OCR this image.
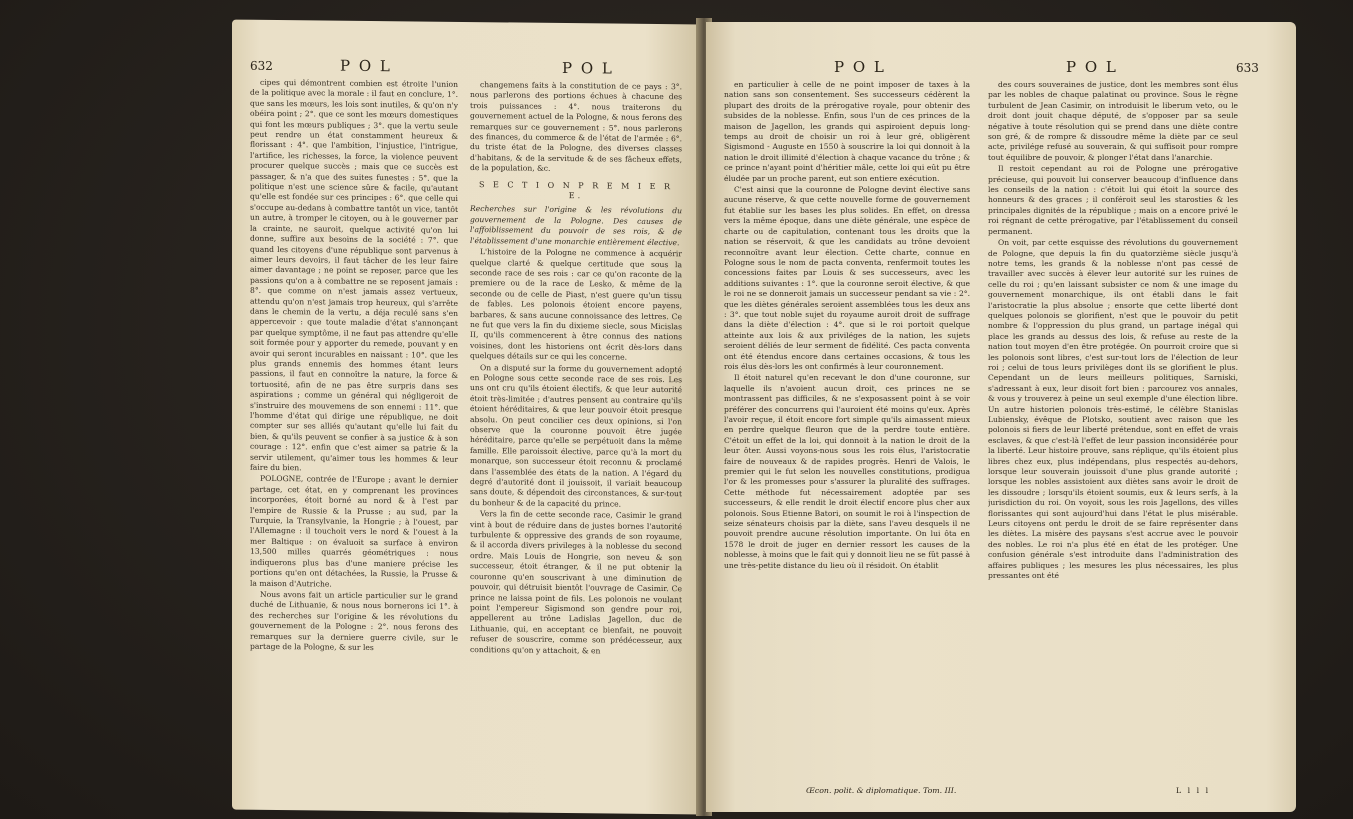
632	P O L	P O L

cipes qui démontrent combien est étroite l'union de la politique avec la morale : il faut en conclure, 1°. que sans les mœurs, les lois sont inutiles, & qu'on n'y obéira point ; 2°. que ce sont les mœurs domestiques qui font les mœurs publiques ; 3°. que la vertu seule peut rendre un état constamment heureux & florissant : 4°. que l'ambition, l'injustice, l'intrigue, l'artifice, les richesses, la force, la violence peuvent procurer quelque succès ; mais que ce succès est passager, & n'a que des suites funestes : 5°. que la politique n'est une science sûre & facile, qu'autant qu'elle est fondée sur ces principes : 6°. que celle qui s'occupe au-dedans à combattre tantôt un vice, tantôt un autre, à tromper le citoyen, ou à le gouverner par la crainte, ne sauroit, quelque activité qu'on lui donne, suffire aux besoins de la société : 7°. que quand les citoyens d'une république sont parvenus à aimer leurs devoirs, il faut tâcher de les leur faire aimer davantage ; ne point se reposer, parce que les passions qu'on a à combattre ne se reposent jamais : 8°. que comme on n'est jamais assez vertueux, attendu qu'on n'est jamais trop heureux, qui s'arrête dans le chemin de la vertu, a déja reculé sans s'en appercevoir : que toute maladie d'état s'annonçant par quelque symptôme, il ne faut pas attendre qu'elle soit formée pour y apporter du remede, pouvant y en avoir qui seront incurables en naissant : 10°. que les plus grands ennemis des hommes étant leurs passions, il faut en connoître la nature, la force & tortuosité, afin de ne pas être surpris dans ses aspirations ; comme un général qui négligeroit de s'instruire des mouvemens de son ennemi : 11°. que l'homme d'état qui dirige une république, ne doit compter sur ses alliés qu'autant qu'elle lui fait du bien, & qu'ils peuvent se confier à sa justice & à son courage : 12°. enfin que c'est aimer sa patrie & la servir utilement, qu'aimer tous les hommes & leur faire du bien.

POLOGNE, contrée de l'Europe ; avant le dernier partage, cet état, en y comprenant les provinces incorporées, étoit borné au nord & à l'est par l'empire de Russie & la Prusse ; au sud, par la Turquie, la Transylvanie, la Hongrie ; à l'ouest, par l'Allemagne : il touchoit vers le nord & l'ouest à la mer Baltique : on évaluoit sa surface à environ 13,500 milles quarrés géométriques : nous indiquerons plus bas d'une maniere précise les portions qu'en ont détachées, la Russie, la Prusse & la maison d'Autriche.

Nous avons fait un article particulier sur le grand duché de Lithuanie, & nous nous bornerons ici 1°. à des recherches sur l'origine & les révolutions du gouvernement de la Pologne : 2°. nous ferons des remarques sur la derniere guerre civile, sur le partage de la Pologne, & sur les

changemens faits à la constitution de ce pays : 3°. nous parlerons des portions échues à chacune des trois puissances : 4°. nous traiterons du gouvernement actuel de la Pologne, & nous ferons des remarques sur ce gouvernement : 5°. nous parlerons des finances, du commerce & de l'état de l'armée : 6°. du triste état de la Pologne, des diverses classes d'habitans, & de la servitude & de ses fâcheux effets, de la population, &c.

S E C T I O N P R E M I E R E.

Recherches sur l'origine & les révolutions du gouvernement de la Pologne. Des causes de l'affoiblissement du pouvoir de ses rois, & de l'établissement d'une monarchie entièrement élective.

L'histoire de la Pologne ne commence à acquérir quelque clarté & quelque certitude que sous la seconde race de ses rois : car ce qu'on raconte de la premiere ou de la race de Lesko, & même de la seconde ou de celle de Piast, n'est guere qu'un tissu de fables. Les polonois étoient encore payens, barbares, & sans aucune connoissance des lettres. Ce ne fut que vers la fin du dixieme siecle, sous Micislas II, qu'ils commencerent à être connus des nations voisines, dont les historiens ont écrit dès-lors dans quelques détails sur ce qui les concerne.

On a disputé sur la forme du gouvernement adopté en Pologne sous cette seconde race de ses rois. Les uns ont cru qu'ils étoient électifs, & que leur autorité étoit très-limitée ; d'autres pensent au contraire qu'ils étoient héréditaires, & que leur pouvoir étoit presque absolu. On peut concilier ces deux opinions, si l'on observe que la couronne pouvoit être jugée héréditaire, parce qu'elle se perpétuoit dans la même famille. Elle paroissoit élective, parce qu'à la mort du monarque, son successeur étoit reconnu & proclamé dans l'assemblée des états de la nation. A l'égard du degré d'autorité dont il jouissoit, il variait beaucoup sans doute, & dépendoit des circonstances, & sur-tout du bonheur & de la capacité du prince.

Vers la fin de cette seconde race, Casimir le grand vint à bout de réduire dans de justes bornes l'autorité turbulente & oppressive des grands de son royaume, & il accorda divers privileges à la noblesse du second ordre. Mais Louis de Hongrie, son neveu & son successeur, étoit étranger, & il ne put obtenir la couronne qu'en souscrivant à une diminution de pouvoir, qui détruisit bientôt l'ouvrage de Casimir. Ce prince ne laissa point de fils. Les polonois ne voulant point l'empereur Sigismond son gendre pour roi, appellerent au trône Ladislas Jagellon, duc de Lithuanie, qui, en acceptant ce bienfait, ne pouvoit refuser de souscrire, comme son prédécesseur, aux conditions qu'on y attachoit, & en

P O L	P O L	633

en particulier à celle de ne point imposer de taxes à la nation sans son consentement. Ses successeurs cédèrent la plupart des droits de la prérogative royale, pour obtenir des subsides de la noblesse. Enfin, sous l'un de ces princes de la maison de Jagellon, les grands qui aspiroient depuis long-temps au droit de choisir un roi à leur gré, obligèrent Sigismond - Auguste en 1550 à souscrire la loi qui donnoit à la nation le droit illimité d'élection à chaque vacance du trône ; & ce prince n'ayant point d'héritier mâle, cette loi qui eût pu être éludée par un proche parent, eut son entiere exécution.

C'est ainsi que la couronne de Pologne devint élective sans aucune réserve, & que cette nouvelle forme de gouvernement fut établie sur les bases les plus solides. En effet, on dressa vers la même époque, dans une diète générale, une espèce de charte ou de capitulation, contenant tous les droits que la nation se réservoit, & que les candidats au trône devoient reconnoître avant leur élection. Cette charte, connue en Pologne sous le nom de pacta conventa, renfermoit toutes les concessions faites par Louis & ses successeurs, avec les additions suivantes : 1°. que la couronne seroit élective, & que le roi ne se donneroit jamais un successeur pendant sa vie : 2°. que les diètes générales seroient assemblées tous les deux ans : 3°. que tout noble sujet du royaume auroit droit de suffrage dans la diète d'élection : 4°. que si le roi portoit quelque atteinte aux lois & aux priviléges de la nation, les sujets seroient déliés de leur serment de fidélité. Ces pacta conventa ont été étendus encore dans certaines occasions, & tous les rois élus dès-lors les ont confirmés à leur couronnement.

Il étoit naturel qu'en recevant le don d'une couronne, sur laquelle ils n'avoient aucun droit, ces princes ne se montrassent pas difficiles, & ne s'exposassent point à se voir préférer des concurrens qui l'auroient été moins qu'eux. Après l'avoir reçue, il étoit encore fort simple qu'ils aimassent mieux en perdre quelque fleuron que de la perdre toute entière. C'étoit un effet de la loi, qui donnoit à la nation le droit de la leur ôter. Aussi voyons-nous sous les rois élus, l'aristocratie faire de nouveaux & de rapides progrès. Henri de Valois, le premier qui le fut selon les nouvelles constitutions, prodigua l'or & les promesses pour s'assurer la pluralité des suffrages. Cette méthode fut nécessairement adoptée par ses successeurs, & elle rendit le droit électif encore plus cher aux polonois. Sous Etienne Batori, on soumit le roi à l'inspection de seize sénateurs choisis par la diète, sans l'aveu desquels il ne pouvoit prendre aucune résolution importante. On lui ôta en 1578 le droit de juger en dernier ressort les causes de la noblesse, à moins que le fait qui y donnoit lieu ne se fût passé à une très-petite distance du lieu où il résidoit. On établit

Œcon. polit. & diplomatique. Tom. III.

des cours souveraines de justice, dont les membres sont élus par les nobles de chaque palatinat ou province. Sous le règne turbulent de Jean Casimir, on introduisit le liberum veto, ou le droit dont jouit chaque député, de s'opposer par sa seule négative à toute résolution qui se prend dans une diète contre son gré, & de rompre & dissoudre même la diète par ce seul acte, privilége refusé au souverain, & qui suffisoit pour rompre tout équilibre de pouvoir, & plonger l'état dans l'anarchie.

Il restoit cependant au roi de Pologne une prérogative précieuse, qui pouvoit lui conserver beaucoup d'influence dans les conseils de la nation : c'étoit lui qui étoit la source des honneurs & des graces ; il conféroit seul les starosties & les principales dignités de la république ; mais on a encore privé le roi régnant de cette prérogative, par l'établissement du conseil permanent.

On voit, par cette esquisse des révolutions du gouvernement de Pologne, que depuis la fin du quatorzième siècle jusqu'à notre tems, les grands & la noblesse n'ont pas cessé de travailler avec succès à élever leur autorité sur les ruines de celle du roi ; qu'en laissant subsister ce nom & une image du gouvernement monarchique, ils ont établi dans le fait l'aristocratie la plus absolue ; ensorte que cette liberté dont quelques polonois se glorifient, n'est que le pouvoir du petit nombre & l'oppression du plus grand, un partage inégal qui place les grands au dessus des lois, & refuse au reste de la nation tout moyen d'en être protégée. On pourroit croire que si les polonois sont libres, c'est sur-tout lors de l'élection de leur roi ; celui de tous leurs privilèges dont ils se glorifient le plus. Cependant un de leurs meilleurs politiques, Sarniski, s'adressant à eux, leur disoit fort bien : parcourez vos annales, & vous y trouverez à peine un seul exemple d'une élection libre. Un autre historien polonois très-estimé, le célèbre Stanislas Lubiensky, évêque de Plotsko, soutient avec raison que les polonois si fiers de leur liberté prétendue, sont en effet de vrais esclaves, & que c'est-là l'effet de leur passion inconsidérée pour la liberté. Leur histoire prouve, sans réplique, qu'ils étoient plus libres chez eux, plus indépendans, plus respectés au-dehors, lorsque leur souverain jouissoit d'une plus grande autorité ; lorsque les nobles assistoient aux diètes sans avoir le droit de les dissoudre ; lorsqu'ils étoient soumis, eux & leurs serfs, à la jurisdiction du roi. On voyoit, sous les rois Jagellons, des villes florissantes qui sont aujourd'hui dans l'état le plus misérable. Leurs citoyens ont perdu le droit de se faire représenter dans les diètes. La misère des paysans s'est accrue avec le pouvoir des nobles. Le roi n'a plus été en état de les protéger. Une confusion générale s'est introduite dans l'administration des affaires publiques ; les mesures les plus nécessaires, les plus pressantes ont été

L l l l
